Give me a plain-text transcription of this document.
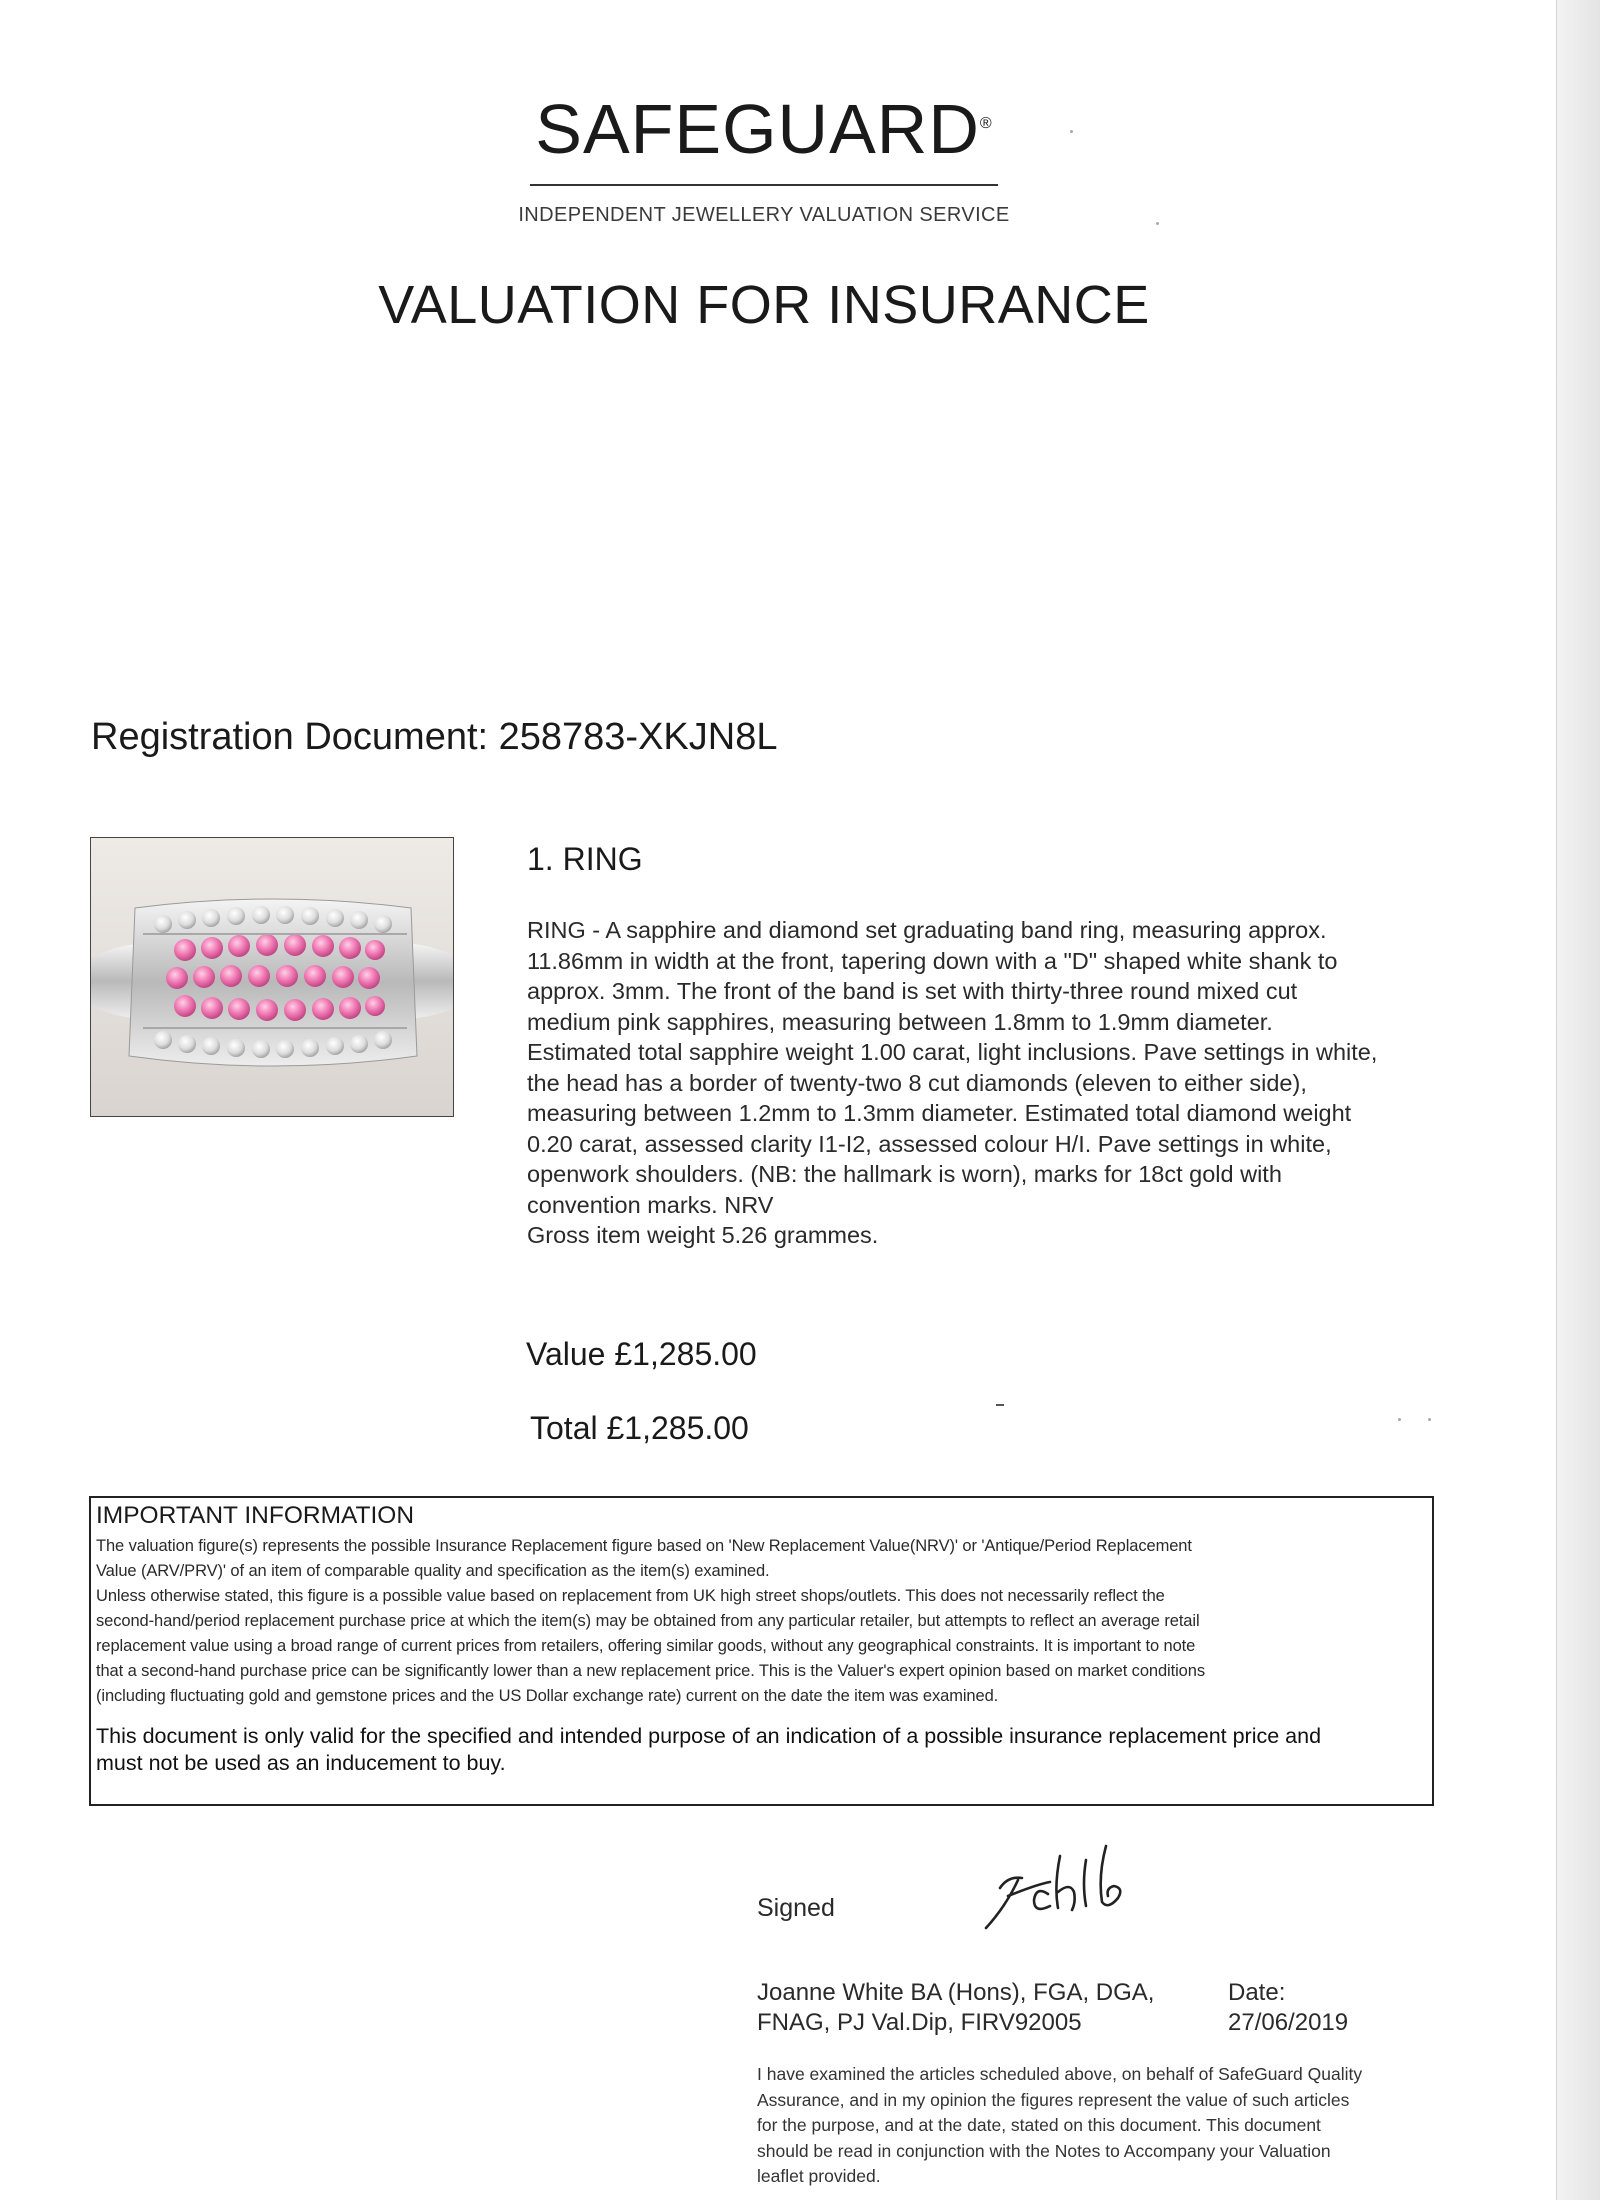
SAFEGUARD®
INDEPENDENT JEWELLERY VALUATION SERVICE
VALUATION FOR INSURANCE
Registration Document: 258783-XKJN8L
1. RING
RING - A sapphire and diamond set graduating band ring, measuring approx.
11.86mm in width at the front, tapering down with a "D" shaped white shank to
approx. 3mm. The front of the band is set with thirty-three round mixed cut
medium pink sapphires, measuring between 1.8mm to 1.9mm diameter.
Estimated total sapphire weight 1.00 carat, light inclusions. Pave settings in white,
the head has a border of twenty-two 8 cut diamonds (eleven to either side),
measuring between 1.2mm to 1.3mm diameter. Estimated total diamond weight
0.20 carat, assessed clarity I1-I2, assessed colour H/I. Pave settings in white,
openwork shoulders. (NB: the hallmark is worn), marks for 18ct gold with
convention marks. NRV
Gross item weight 5.26 grammes.
Value £1,285.00
Total £1,285.00
IMPORTANT INFORMATION
The valuation figure(s) represents the possible Insurance Replacement figure based on 'New Replacement Value(NRV)' or 'Antique/Period Replacement
Value (ARV/PRV)' of an item of comparable quality and specification as the item(s) examined.
Unless otherwise stated, this figure is a possible value based on replacement from UK high street shops/outlets. This does not necessarily reflect the
second-hand/period replacement purchase price at which the item(s) may be obtained from any particular retailer, but attempts to reflect an average retail
replacement value using a broad range of current prices from retailers, offering similar goods, without any geographical constraints. It is important to note
that a second-hand purchase price can be significantly lower than a new replacement price. This is the Valuer's expert opinion based on market conditions
(including fluctuating gold and gemstone prices and the US Dollar exchange rate) current on the date the item was examined.
This document is only valid for the specified and intended purpose of an indication of a possible insurance replacement price and
must not be used as an inducement to buy.
Signed
Joanne White BA (Hons), FGA, DGA,
FNAG, PJ Val.Dip, FIRV92005
Date:
27/06/2019
I have examined the articles scheduled above, on behalf of SafeGuard Quality
Assurance, and in my opinion the figures represent the value of such articles
for the purpose, and at the date, stated on this document. This document
should be read in conjunction with the Notes to Accompany your Valuation
leaflet provided.
